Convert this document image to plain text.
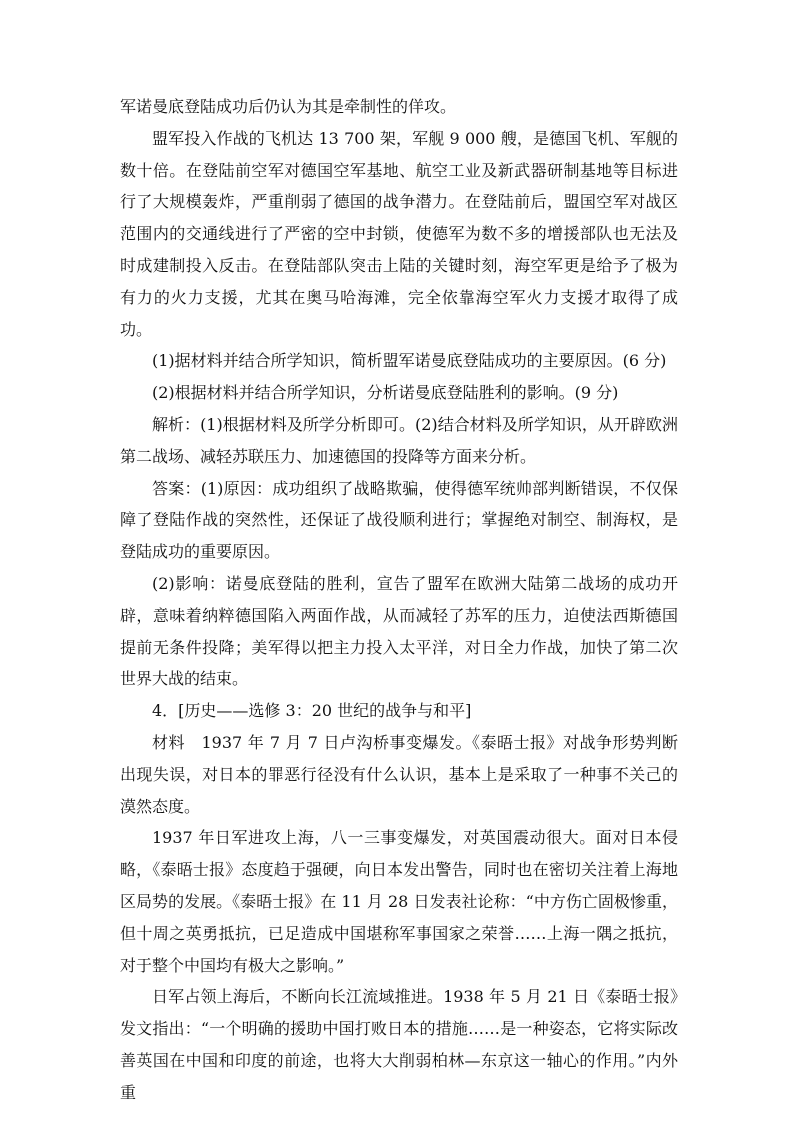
军诺曼底登陆成功后仍认为其是牵制性的佯攻。

盟军投入作战的飞机达 13 700 架，军舰 9 000 艘，是德国飞机、军舰的数十倍。在登陆前空军对德国空军基地、航空工业及新武器研制基地等目标进行了大规模轰炸，严重削弱了德国的战争潜力。在登陆前后，盟国空军对战区范围内的交通线进行了严密的空中封锁，使德军为数不多的增援部队也无法及时成建制投入反击。在登陆部队突击上陆的关键时刻，海空军更是给予了极为有力的火力支援，尤其在奥马哈海滩，完全依靠海空军火力支援才取得了成功。

(1)据材料并结合所学知识，简析盟军诺曼底登陆成功的主要原因。(6 分)

(2)根据材料并结合所学知识，分析诺曼底登陆胜利的影响。(9 分)

解析：(1)根据材料及所学分析即可。(2)结合材料及所学知识，从开辟欧洲第二战场、减轻苏联压力、加速德国的投降等方面来分析。

答案：(1)原因：成功组织了战略欺骗，使得德军统帅部判断错误，不仅保障了登陆作战的突然性，还保证了战役顺利进行；掌握绝对制空、制海权，是登陆成功的重要原因。

(2)影响：诺曼底登陆的胜利，宣告了盟军在欧洲大陆第二战场的成功开辟，意味着纳粹德国陷入两面作战，从而减轻了苏军的压力，迫使法西斯德国提前无条件投降；美军得以把主力投入太平洋，对日全力作战，加快了第二次世界大战的结束。

4．[历史——选修 3：20 世纪的战争与和平]

材料　1937 年 7 月 7 日卢沟桥事变爆发。《泰晤士报》对战争形势判断出现失误，对日本的罪恶行径没有什么认识，基本上是采取了一种事不关己的漠然态度。

1937 年日军进攻上海，八一三事变爆发，对英国震动很大。面对日本侵略，《泰晤士报》态度趋于强硬，向日本发出警告，同时也在密切关注着上海地区局势的发展。《泰晤士报》在 11 月 28 日发表社论称：“中方伤亡固极惨重，但十周之英勇抵抗，已足造成中国堪称军事国家之荣誉……上海一隅之抵抗，对于整个中国均有极大之影响。”

日军占领上海后，不断向长江流域推进。1938 年 5 月 21 日《泰晤士报》发文指出：“一个明确的援助中国打败日本的措施……是一种姿态，它将实际改善英国在中国和印度的前途，也将大大削弱柏林—东京这一轴心的作用。”内外重
